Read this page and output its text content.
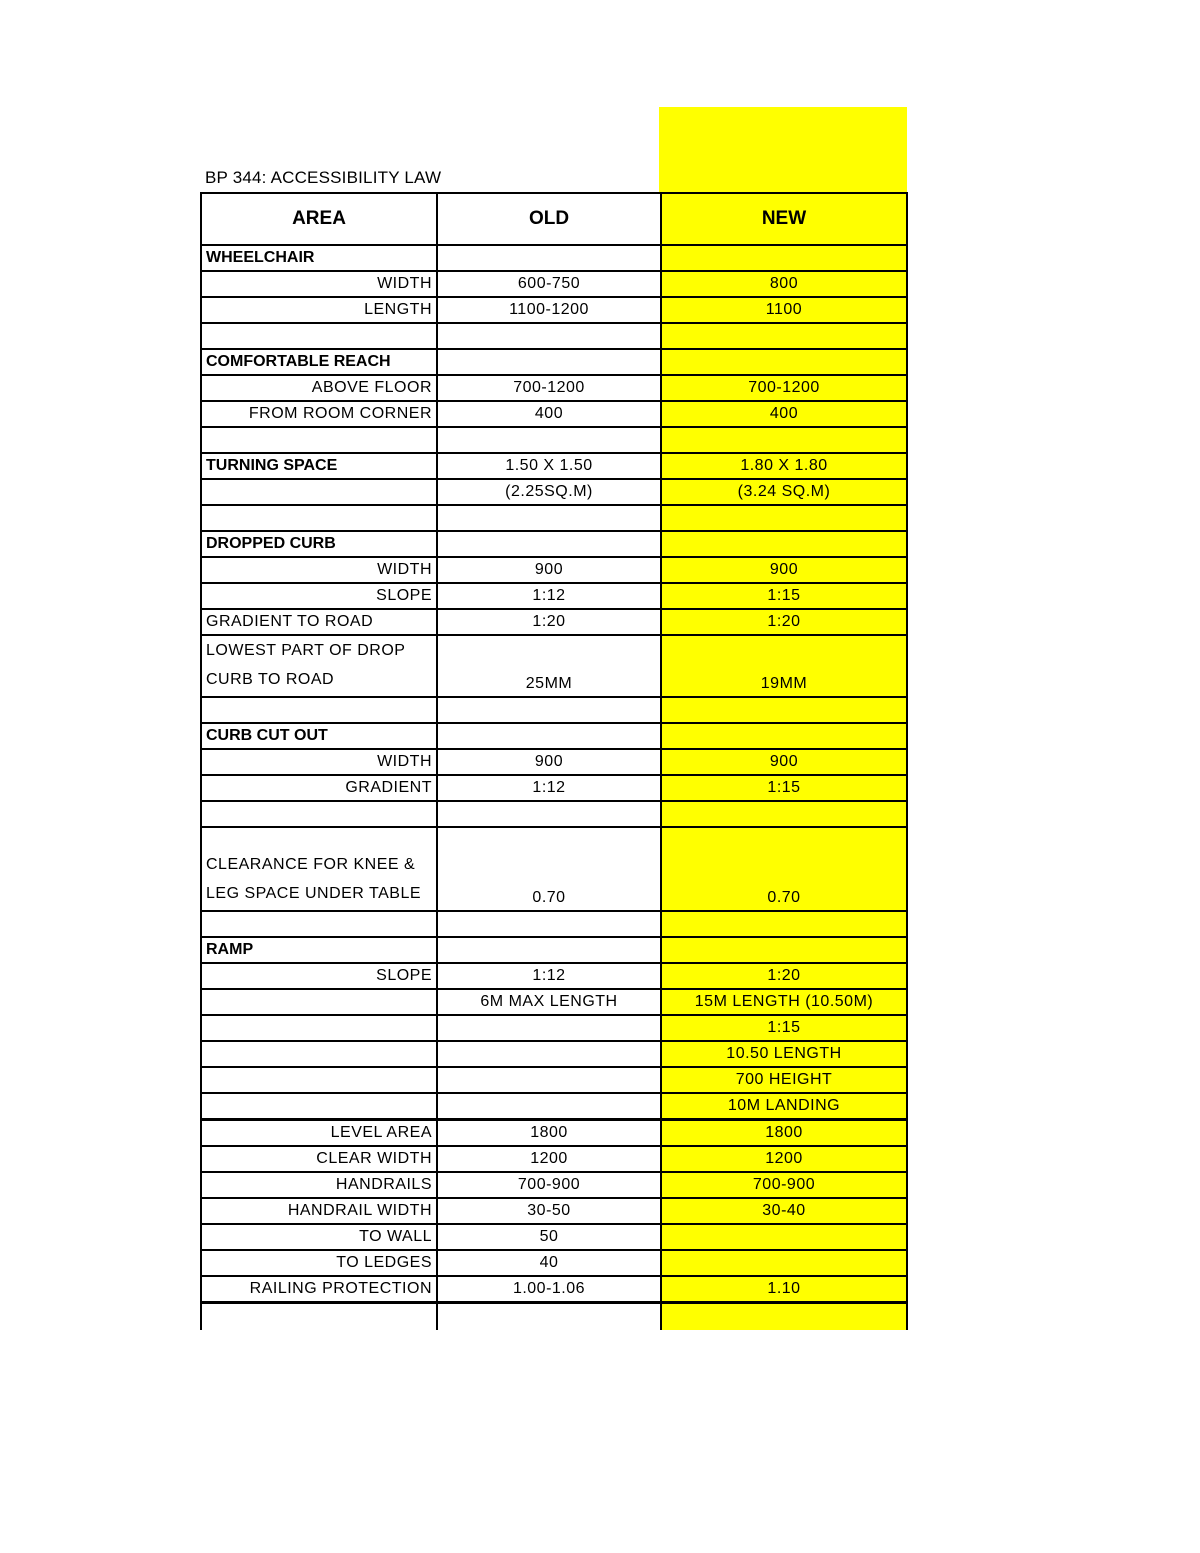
BP 344: ACCESSIBILITY LAW
AREA	OLD	NEW
WHEELCHAIR		
WIDTH	600-750	800
LENGTH	1100-1200	1100

COMFORTABLE REACH		
ABOVE FLOOR	700-1200	700-1200
FROM ROOM CORNER	400	400

TURNING SPACE	1.50 X 1.50	1.80 X 1.80
	(2.25SQ.M)	(3.24 SQ.M)

DROPPED CURB		
WIDTH	900	900
SLOPE	1:12	1:15
GRADIENT TO ROAD	1:20	1:20
LOWEST PART OF DROP CURB TO ROAD	25MM	19MM

CURB CUT OUT		
WIDTH	900	900
GRADIENT	1:12	1:15

CLEARANCE FOR KNEE & LEG SPACE UNDER TABLE	0.70	0.70

RAMP		
SLOPE	1:12	1:20
	6M MAX LENGTH	15M LENGTH (10.50M)
		1:15
		10.50 LENGTH
		700 HEIGHT
		10M LANDING
LEVEL AREA	1800	1800
CLEAR WIDTH	1200	1200
HANDRAILS	700-900	700-900
HANDRAIL WIDTH	30-50	30-40
TO WALL	50	
TO LEDGES	40	
RAILING PROTECTION	1.00-1.06	1.10
